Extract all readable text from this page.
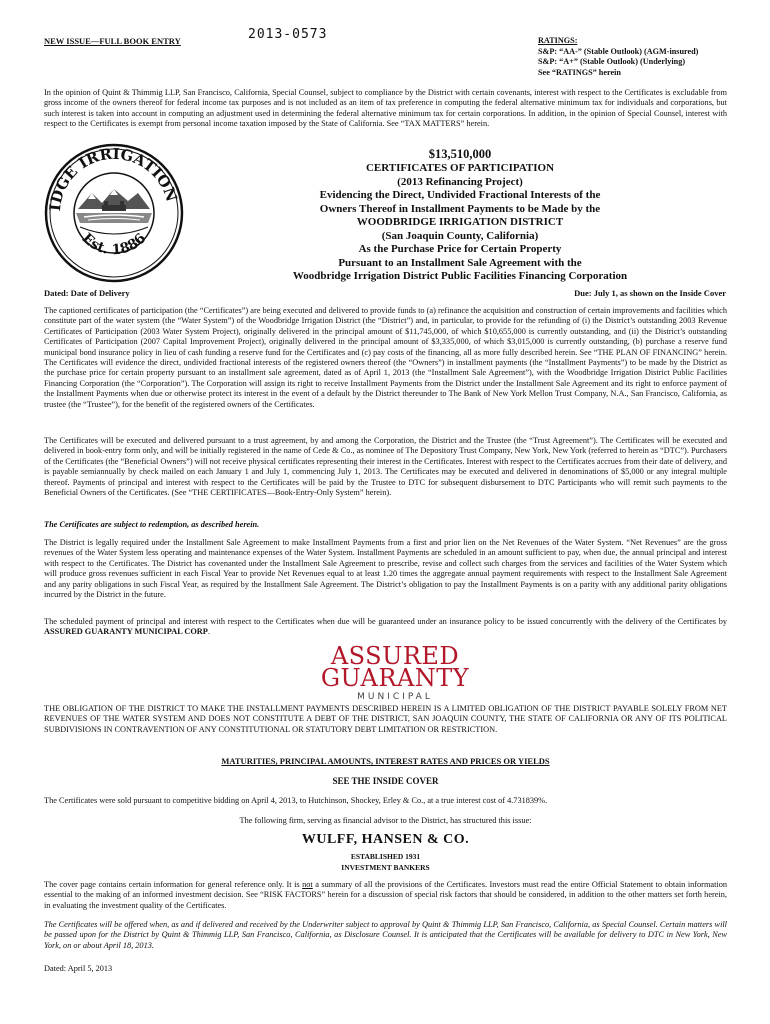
NEW ISSUE—FULL BOOK ENTRY	2013-0573	RATINGS:
S&P: “AA-” (Stable Outlook) (AGM-insured)
S&P: “A+” (Stable Outlook) (Underlying)
See “RATINGS” herein

In the opinion of Quint & Thimmig LLP, San Francisco, California, Special Counsel, subject to compliance by the District with certain covenants, interest with respect to the Certificates is excludable from gross income of the owners thereof for federal income tax purposes and is not included as an item of tax preference in computing the federal alternative minimum tax for individuals and corporations, but such interest is taken into account in computing an adjustment used in determining the federal alternative minimum tax for certain corporations. In addition, in the opinion of Special Counsel, interest with respect to the Certificates is exempt from personal income taxation imposed by the State of California. See “TAX MATTERS” herein.

IDGE IRRIGATION
Est. 1886
$13,510,000
CERTIFICATES OF PARTICIPATION
(2013 Refinancing Project)
Evidencing the Direct, Undivided Fractional Interests of the
Owners Thereof in Installment Payments to be Made by the
WOODBRIDGE IRRIGATION DISTRICT
(San Joaquin County, California)
As the Purchase Price for Certain Property
Pursuant to an Installment Sale Agreement with the
Woodbridge Irrigation District Public Facilities Financing Corporation
Dated: Date of Delivery	Due: July 1, as shown on the Inside Cover

The captioned certificates of participation (the “Certificates”) are being executed and delivered to provide funds to (a) refinance the acquisition and construction of certain improvements and facilities which constitute part of the water system (the “Water System”) of the Woodbridge Irrigation District (the “District”) and, in particular, to provide for the refunding of (i) the District’s outstanding 2003 Revenue Certificates of Participation (2003 Water System Project), originally delivered in the principal amount of $11,745,000, of which $10,655,000 is currently outstanding, and (ii) the District’s outstanding Certificates of Participation (2007 Capital Improvement Project), originally delivered in the principal amount of $3,335,000, of which $3,015,000 is currently outstanding, (b) purchase a reserve fund municipal bond insurance policy in lieu of cash funding a reserve fund for the Certificates and (c) pay costs of the financing, all as more fully described herein. See “THE PLAN OF FINANCING” herein. The Certificates will evidence the direct, undivided fractional interests of the registered owners thereof (the “Owners”) in installment payments (the “Installment Payments”) to be made by the District as the purchase price for certain property pursuant to an installment sale agreement, dated as of April 1, 2013 (the “Installment Sale Agreement”), with the Woodbridge Irrigation District Public Facilities Financing Corporation (the “Corporation”). The Corporation will assign its right to receive Installment Payments from the District under the Installment Sale Agreement and its right to enforce payment of the Installment Payments when due or otherwise protect its interest in the event of a default by the District thereunder to The Bank of New York Mellon Trust Company, N.A., San Francisco, California, as trustee (the “Trustee”), for the benefit of the registered owners of the Certificates.

The Certificates will be executed and delivered pursuant to a trust agreement, by and among the Corporation, the District and the Trustee (the “Trust Agreement”). The Certificates will be executed and delivered in book-entry form only, and will be initially registered in the name of Cede & Co., as nominee of The Depository Trust Company, New York, New York (referred to herein as “DTC”). Purchasers of the Certificates (the “Beneficial Owners”) will not receive physical certificates representing their interest in the Certificates. Interest with respect to the Certificates accrues from their date of delivery, and is payable semiannually by check mailed on each January 1 and July 1, commencing July 1, 2013. The Certificates may be executed and delivered in denominations of $5,000 or any integral multiple thereof. Payments of principal and interest with respect to the Certificates will be paid by the Trustee to DTC for subsequent disbursement to DTC Participants who will remit such payments to the Beneficial Owners of the Certificates. (See “THE CERTIFICATES—Book-Entry-Only System” herein).

The Certificates are subject to redemption, as described herein.

The District is legally required under the Installment Sale Agreement to make Installment Payments from a first and prior lien on the Net Revenues of the Water System. “Net Revenues” are the gross revenues of the Water System less operating and maintenance expenses of the Water System. Installment Payments are scheduled in an amount sufficient to pay, when due, the annual principal and interest with respect to the Certificates. The District has covenanted under the Installment Sale Agreement to prescribe, revise and collect such charges from the services and facilities of the Water System which will produce gross revenues sufficient in each Fiscal Year to provide Net Revenues equal to at least 1.20 times the aggregate annual payment requirements with respect to the Installment Sale Agreement and any parity obligations in such Fiscal Year, as required by the Installment Sale Agreement. The District’s obligation to pay the Installment Payments is on a parity with any additional parity obligations incurred by the District in the future.

The scheduled payment of principal and interest with respect to the Certificates when due will be guaranteed under an insurance policy to be issued concurrently with the delivery of the Certificates by ASSURED GUARANTY MUNICIPAL CORP.

ASSURED
GUARANTY
MUNICIPAL

THE OBLIGATION OF THE DISTRICT TO MAKE THE INSTALLMENT PAYMENTS DESCRIBED HEREIN IS A LIMITED OBLIGATION OF THE DISTRICT PAYABLE SOLELY FROM NET REVENUES OF THE WATER SYSTEM AND DOES NOT CONSTITUTE A DEBT OF THE DISTRICT, SAN JOAQUIN COUNTY, THE STATE OF CALIFORNIA OR ANY OF ITS POLITICAL SUBDIVISIONS IN CONTRAVENTION OF ANY CONSTITUTIONAL OR STATUTORY DEBT LIMITATION OR RESTRICTION.

MATURITIES, PRINCIPAL AMOUNTS, INTEREST RATES AND PRICES OR YIELDS
SEE THE INSIDE COVER

The Certificates were sold pursuant to competitive bidding on April 4, 2013, to Hutchinson, Shockey, Erley & Co., at a true interest cost of 4.731839%.

The following firm, serving as financial advisor to the District, has structured this issue:

WULFF, HANSEN & CO.
ESTABLISHED 1931
INVESTMENT BANKERS

The cover page contains certain information for general reference only. It is not a summary of all the provisions of the Certificates. Investors must read the entire Official Statement to obtain information essential to the making of an informed investment decision. See “RISK FACTORS” herein for a discussion of special risk factors that should be considered, in addition to the other matters set forth herein, in evaluating the investment quality of the Certificates.

The Certificates will be offered when, as and if delivered and received by the Underwriter subject to approval by Quint & Thimmig LLP, San Francisco, California, as Special Counsel. Certain matters will be passed upon for the District by Quint & Thimmig LLP, San Francisco, California, as Disclosure Counsel. It is anticipated that the Certificates will be available for delivery to DTC in New York, New York, on or about April 18, 2013.

Dated: April 5, 2013
